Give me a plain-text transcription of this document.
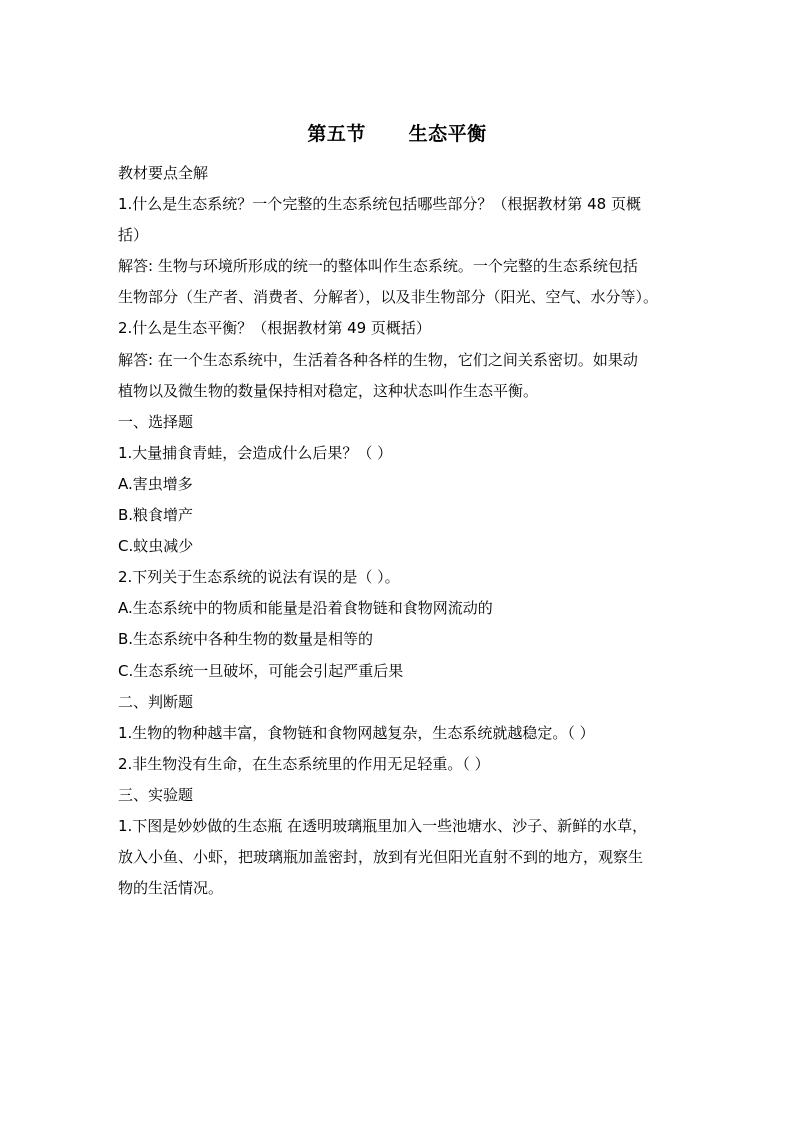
第五节      生态平衡
教材要点全解
1.什么是生态系统？一个完整的生态系统包括哪些部分？（根据教材第 48 页概
括）
解答: 生物与环境所形成的统一的整体叫作生态系统。一个完整的生态系统包括
生物部分（生产者、消费者、分解者），以及非生物部分（阳光、空气、水分等）。
2.什么是生态平衡？（根据教材第 49 页概括）
解答: 在一个生态系统中，生活着各种各样的生物，它们之间关系密切。如果动
植物以及微生物的数量保持相对稳定，这种状态叫作生态平衡。
一、选择题
1.大量捕食青蛙，会造成什么后果？（ ）
A.害虫增多
B.粮食增产
C.蚊虫减少
2.下列关于生态系统的说法有误的是（ ）。
A.生态系统中的物质和能量是沿着食物链和食物网流动的
B.生态系统中各种生物的数量是相等的
C.生态系统一旦破坏，可能会引起严重后果
二、判断题
1.生物的物种越丰富，食物链和食物网越复杂，生态系统就越稳定。（ ）
2.非生物没有生命，在生态系统里的作用无足轻重。（ ）
三、实验题
1.下图是妙妙做的生态瓶 在透明玻璃瓶里加入一些池塘水、沙子、新鲜的水草，
放入小鱼、小虾，把玻璃瓶加盖密封，放到有光但阳光直射不到的地方，观察生
物的生活情况。
